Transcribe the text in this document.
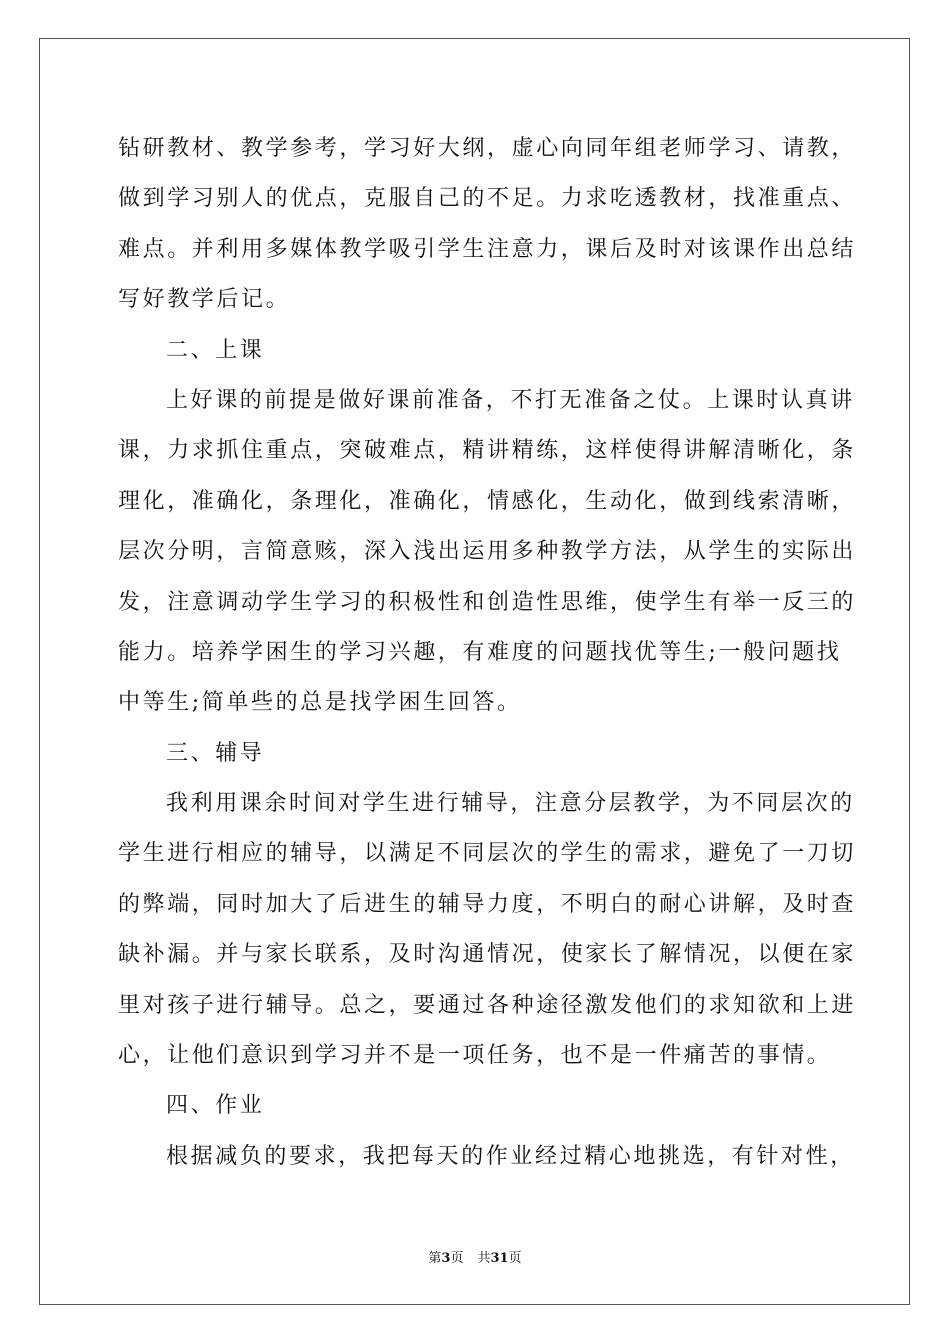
钻研教材、教学参考，学习好大纲，虚心向同年组老师学习、请教，
做到学习别人的优点，克服自己的不足。力求吃透教材，找准重点、
难点。并利用多媒体教学吸引学生注意力，课后及时对该课作出总结
写好教学后记。
二、上课
上好课的前提是做好课前准备，不打无准备之仗。上课时认真讲
课，力求抓住重点，突破难点，精讲精练，这样使得讲解清晰化，条
理化，准确化，条理化，准确化，情感化，生动化，做到线索清晰，
层次分明，言简意赅，深入浅出运用多种教学方法，从学生的实际出
发，注意调动学生学习的积极性和创造性思维，使学生有举一反三的
能力。培养学困生的学习兴趣，有难度的问题找优等生;一般问题找
中等生;简单些的总是找学困生回答。
三、辅导
我利用课余时间对学生进行辅导，注意分层教学，为不同层次的
学生进行相应的辅导，以满足不同层次的学生的需求，避免了一刀切
的弊端，同时加大了后进生的辅导力度，不明白的耐心讲解，及时查
缺补漏。并与家长联系，及时沟通情况，使家长了解情况，以便在家
里对孩子进行辅导。总之，要通过各种途径激发他们的求知欲和上进
心，让他们意识到学习并不是一项任务，也不是一件痛苦的事情。
四、作业
根据减负的要求，我把每天的作业经过精心地挑选，有针对性，
第3页 共31页
